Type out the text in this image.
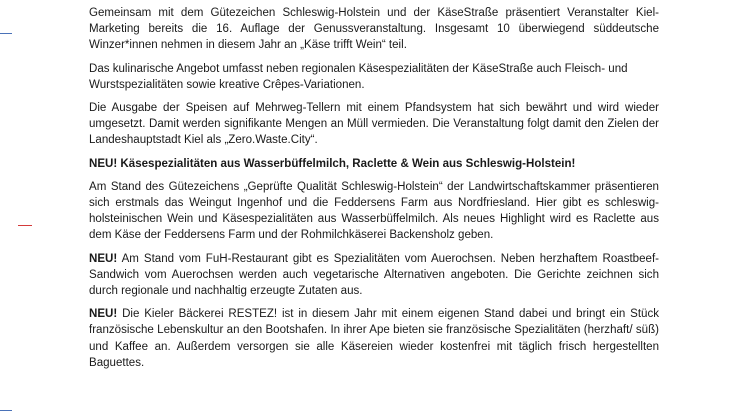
Gemeinsam mit dem Gütezeichen Schleswig-Holstein und der KäseStraße präsentiert Veranstalter Kiel- Marketing bereits die 16. Auflage der Genussveranstaltung. Insgesamt 10 überwiegend süddeutsche Winzer*innen nehmen in diesem Jahr an „Käse trifft Wein“ teil.

Das kulinarische Angebot umfasst neben regionalen Käsespezialitäten der KäseStraße auch Fleisch- und
Wurstspezialitäten sowie kreative Crêpes-Variationen.

Die Ausgabe der Speisen auf Mehrweg-Tellern mit einem Pfandsystem hat sich bewährt und wird wieder umgesetzt. Damit werden signifikante Mengen an Müll vermieden. Die Veranstaltung folgt damit den Zielen der Landeshauptstadt Kiel als „Zero.Waste.City“.

NEU! Käsespezialitäten aus Wasserbüffelmilch, Raclette & Wein aus Schleswig-Holstein!

Am Stand des Gütezeichens „Geprüfte Qualität Schleswig-Holstein“ der Landwirtschaftskammer präsentieren sich erstmals das Weingut Ingenhof und die Feddersens Farm aus Nordfriesland. Hier gibt es schleswig-holsteinischen Wein und Käsespezialitäten aus Wasserbüffelmilch. Als neues Highlight wird es Raclette aus dem Käse der Feddersens Farm und der Rohmilchkäserei Backensholz geben.

NEU! Am Stand vom FuH-Restaurant gibt es Spezialitäten vom Auerochsen. Neben herzhaftem Roastbeef-Sandwich vom Auerochsen werden auch vegetarische Alternativen angeboten. Die Gerichte zeichnen sich durch regionale und nachhaltig erzeugte Zutaten aus.

NEU! Die Kieler Bäckerei RESTEZ! ist in diesem Jahr mit einem eigenen Stand dabei und bringt ein Stück französische Lebenskultur an den Bootshafen. In ihrer Ape bieten sie französische Spezialitäten (herzhaft/ süß) und Kaffee an. Außerdem versorgen sie alle Käsereien wieder kostenfrei mit täglich frisch hergestellten Baguettes.
